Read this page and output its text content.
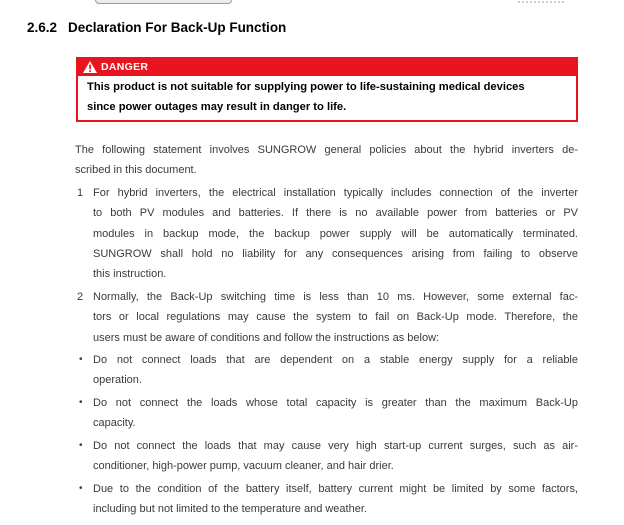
2.6.2 Declaration For Back-Up Function
DANGER
This product is not suitable for supplying power to life-sustaining medical devices
since power outages may result in danger to life.
The following statement involves SUNGROW general policies about the hybrid inverters de-
scribed in this document.
1 For hybrid inverters, the electrical installation typically includes connection of the inverter
to both PV modules and batteries. If there is no available power from batteries or PV
modules in backup mode, the backup power supply will be automatically terminated.
SUNGROW shall hold no liability for any consequences arising from failing to observe
this instruction.
2 Normally, the Back-Up switching time is less than 10 ms. However, some external fac-
tors or local regulations may cause the system to fail on Back-Up mode. Therefore, the
users must be aware of conditions and follow the instructions as below:
• Do not connect loads that are dependent on a stable energy supply for a reliable
operation.
• Do not connect the loads whose total capacity is greater than the maximum Back-Up
capacity.
• Do not connect the loads that may cause very high start-up current surges, such as air-
conditioner, high-power pump, vacuum cleaner, and hair drier.
• Due to the condition of the battery itself, battery current might be limited by some factors,
including but not limited to the temperature and weather.
